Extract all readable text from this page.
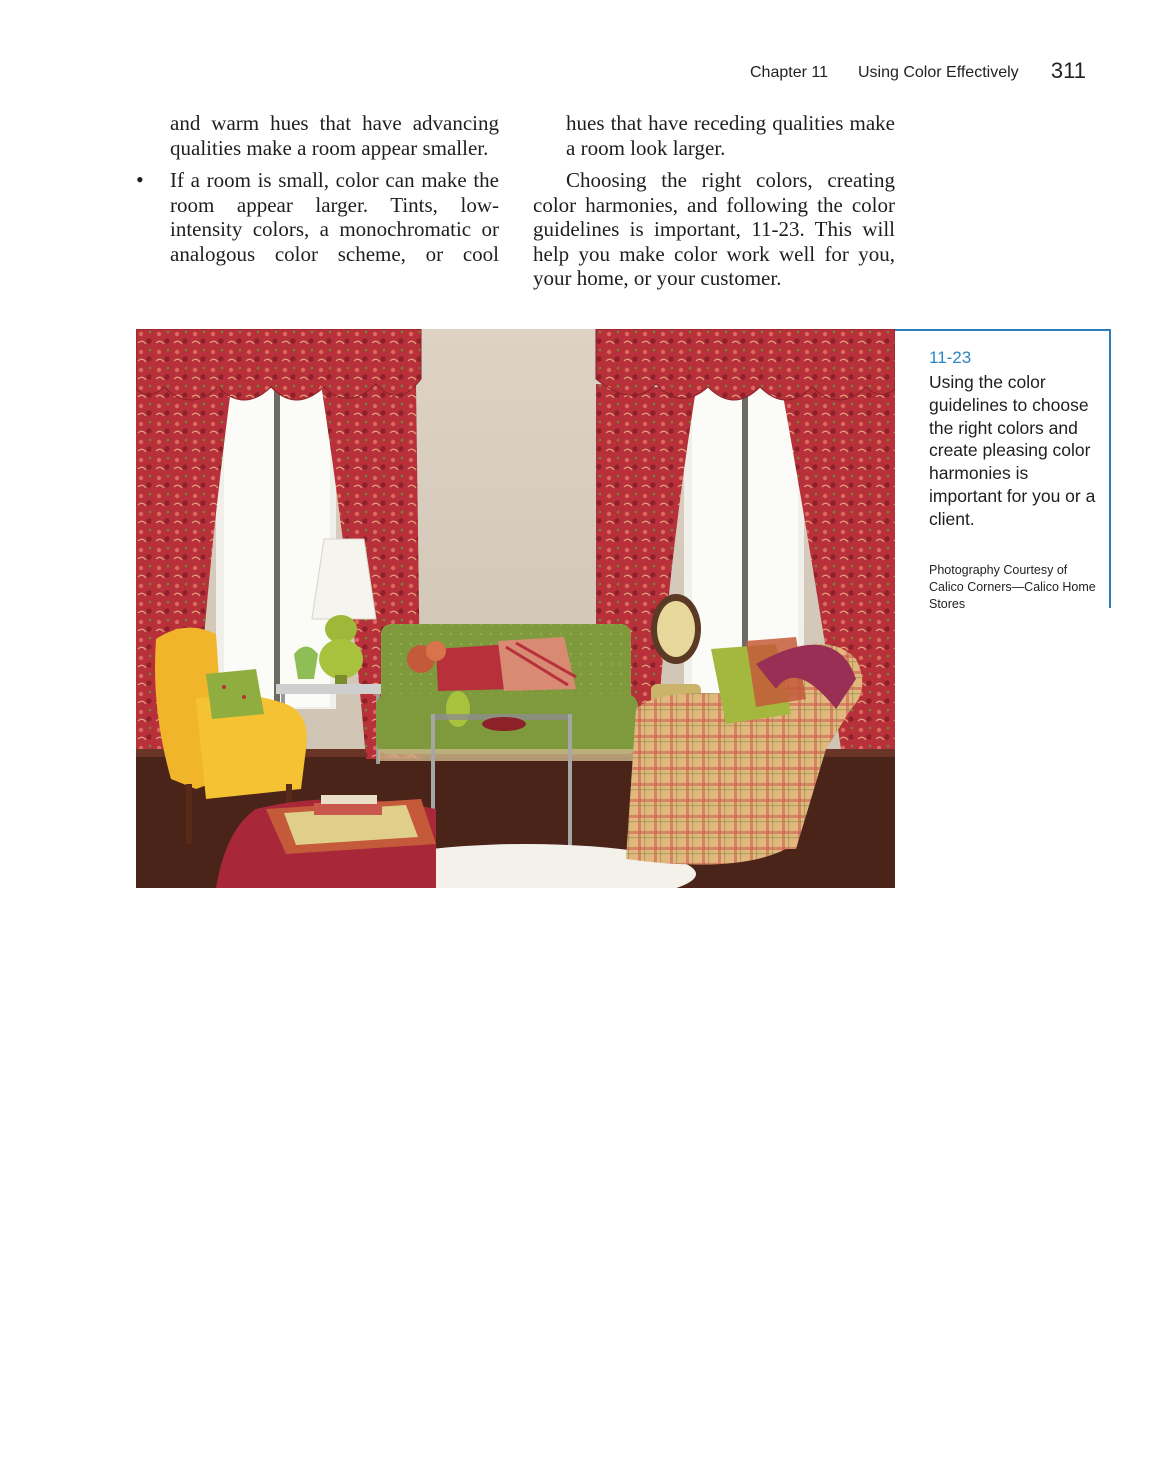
Chapter 11 Using Color Effectively 311
and warm hues that have advancing qualities make a room appear smaller.
• If a room is small, color can make the room appear larger. Tints, low-intensity colors, a monochromatic or analogous color scheme, or cool
hues that have receding qualities make a room look larger.
Choosing the right colors, creating color harmonies, and following the color guidelines is important, 11-23. This will help you make color work well for you, your home, or your customer.
11-23
Using the color guidelines to choose the right colors and create pleasing color harmonies is important for you or a client.
Photography Courtesy of Calico Corners—Calico Home Stores
